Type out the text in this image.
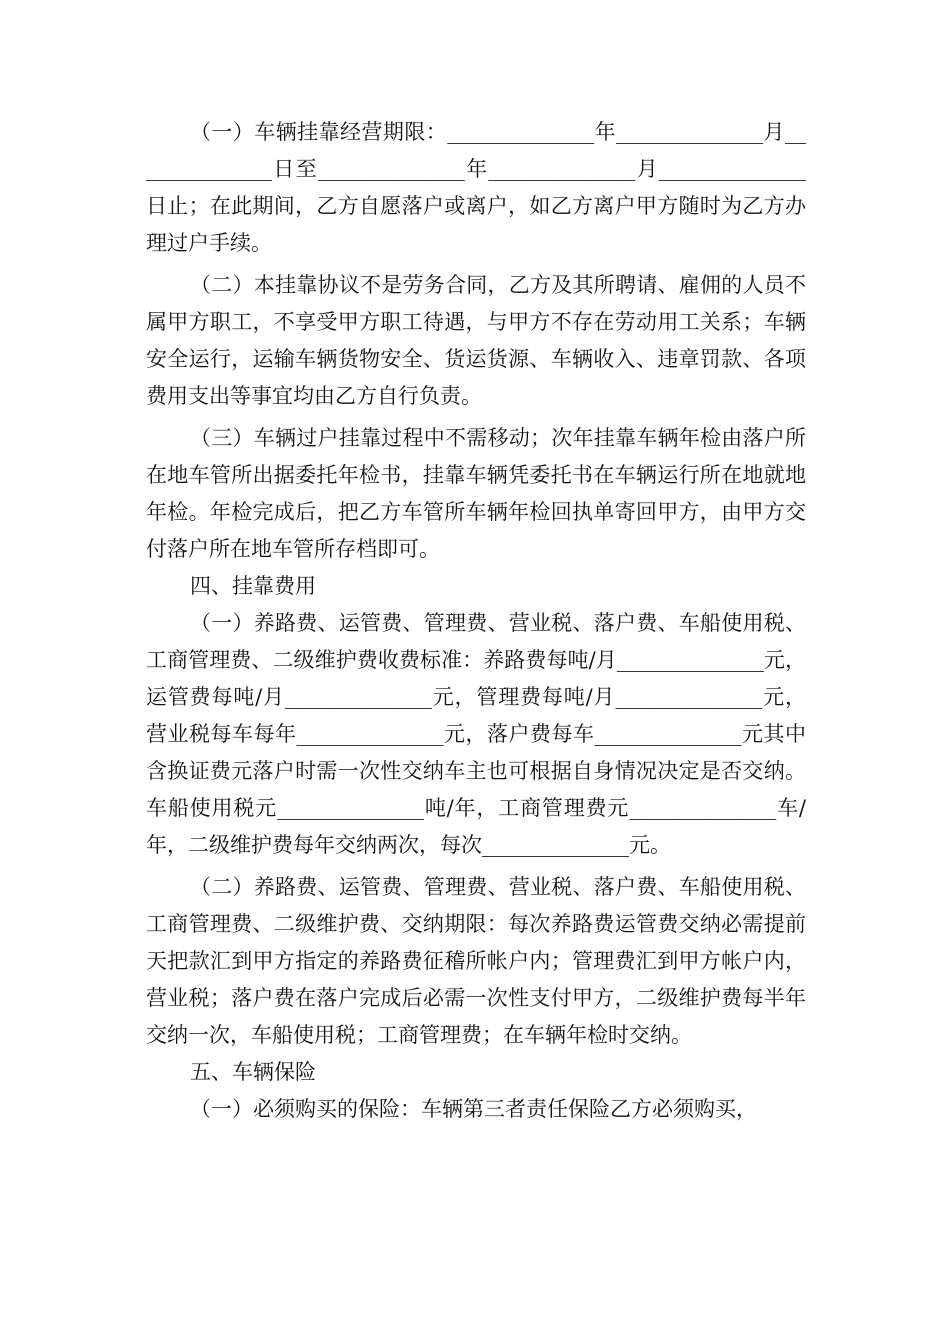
（一）车辆挂靠经营期限：______________年______________月______________日至______________年______________月______________日止；在此期间，乙方自愿落户或离户，如乙方离户甲方随时为乙方办理过户手续。

（二）本挂靠协议不是劳务合同，乙方及其所聘请、雇佣的人员不属甲方职工，不享受甲方职工待遇，与甲方不存在劳动用工关系；车辆安全运行，运输车辆货物安全、货运货源、车辆收入、违章罚款、各项费用支出等事宜均由乙方自行负责。

（三）车辆过户挂靠过程中不需移动；次年挂靠车辆年检由落户所在地车管所出据委托年检书，挂靠车辆凭委托书在车辆运行所在地就地年检。年检完成后，把乙方车管所车辆年检回执单寄回甲方，由甲方交付落户所在地车管所存档即可。

四、挂靠费用

（一）养路费、运管费、管理费、营业税、落户费、车船使用税、工商管理费、二级维护费收费标准：养路费每吨/月______________元，运管费每吨/月______________元，管理费每吨/月______________元，营业税每车每年______________元，落户费每车______________元其中含换证费元落户时需一次性交纳车主也可根据自身情况决定是否交纳。车船使用税元______________吨/年，工商管理费元______________车/年，二级维护费每年交纳两次，每次______________元。

（二）养路费、运管费、管理费、营业税、落户费、车船使用税、工商管理费、二级维护费、交纳期限：每次养路费运管费交纳必需提前天把款汇到甲方指定的养路费征稽所帐户内；管理费汇到甲方帐户内，营业税；落户费在落户完成后必需一次性支付甲方，二级维护费每半年交纳一次，车船使用税；工商管理费；在车辆年检时交纳。

五、车辆保险

（一）必须购买的保险：车辆第三者责任保险乙方必须购买，
